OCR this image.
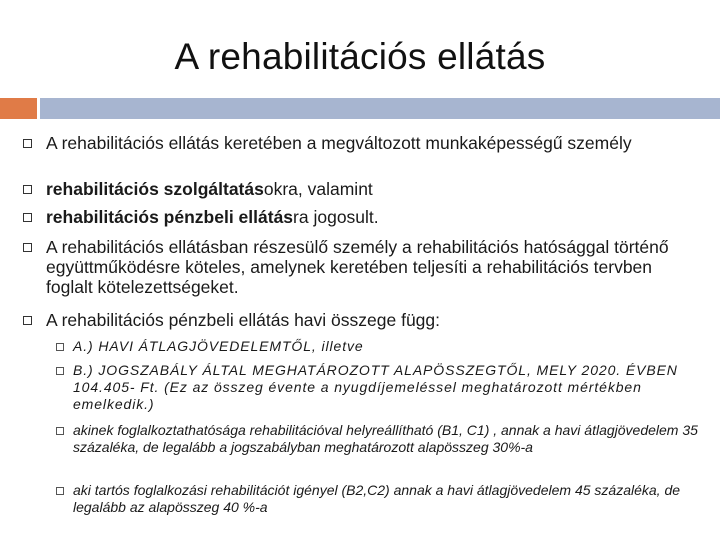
A rehabilitációs ellátás
A rehabilitációs ellátás keretében a megváltozott munkaképességű személy
rehabilitációs szolgáltatásokra, valamint
rehabilitációs pénzbeli ellátásra jogosult.
A rehabilitációs ellátásban részesülő személy a rehabilitációs hatósággal történő együttműködésre köteles, amelynek keretében teljesíti a rehabilitációs tervben foglalt kötelezettségeket.
A rehabilitációs pénzbeli ellátás havi összege függ:
A.) HAVI ÁTLAGJÖVEDELEMTŐL, illetve
B.) JOGSZABÁLY ÁLTAL MEGHATÁROZOTT ALAPÖSSZEGTŐL, MELY 2020. ÉVBEN 104.405- Ft. (Ez az összeg évente a nyugdíjemeléssel meghatározott mértékben emelkedik.)
akinek foglalkoztathatósága rehabilitációval helyreállítható (B1, C1) , annak a havi átlagjövedelem 35 százaléka, de legalább a jogszabályban meghatározott alapösszeg 30%-a
aki tartós foglalkozási rehabilitációt igényel (B2,C2) annak a havi átlagjövedelem 45 százaléka, de legalább az alapösszeg 40 %-a
